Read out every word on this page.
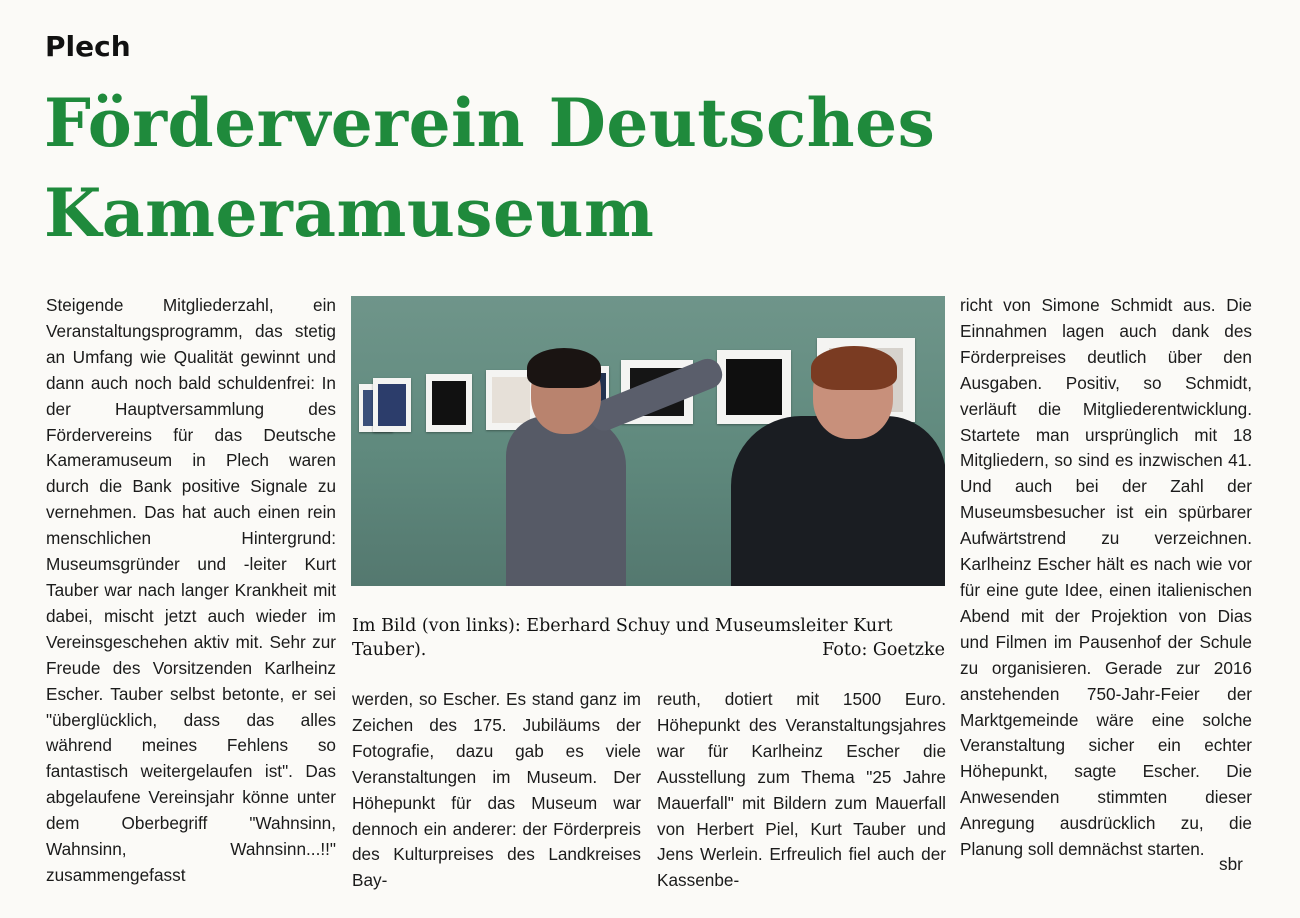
Plech
Förderverein Deutsches
Kameramuseum

Steigende Mitgliederzahl, ein Veranstaltungsprogramm, das stetig an Umfang wie Qualität gewinnt und dann auch noch bald schuldenfrei: In der Hauptversammlung des Fördervereins für das Deutsche Kameramuseum in Plech waren durch die Bank positive Signale zu vernehmen. Das hat auch einen rein menschlichen Hintergrund: Museumsgründer und -leiter Kurt Tauber war nach langer Krankheit mit dabei, mischt jetzt auch wieder im Vereinsgeschehen aktiv mit. Sehr zur Freude des Vorsitzenden Karlheinz Escher. Tauber selbst betonte, er sei "überglücklich, dass das alles während meines Fehlens so fantastisch weitergelaufen ist". Das abgelaufene Vereinsjahr könne unter dem Oberbegriff "Wahnsinn, Wahnsinn, Wahnsinn...!!" zusammengefasst

Im Bild (von links): Eberhard Schuy und Museumsleiter Kurt Tauber).	Foto: Goetzke

werden, so Escher. Es stand ganz im Zeichen des 175. Jubiläums der Fotografie, dazu gab es viele Veranstaltungen im Museum. Der Höhepunkt für das Museum war dennoch ein anderer: der Förderpreis des Kulturpreises des Landkreises Bay-

reuth, dotiert mit 1500 Euro. Höhepunkt des Veranstaltungsjahres war für Karlheinz Escher die Ausstellung zum Thema "25 Jahre Mauerfall" mit Bildern zum Mauerfall von Herbert Piel, Kurt Tauber und Jens Werlein. Erfreulich fiel auch der Kassenbe-

richt von Simone Schmidt aus. Die Einnahmen lagen auch dank des Förderpreises deutlich über den Ausgaben. Positiv, so Schmidt, verläuft die Mitgliederentwicklung. Startete man ursprünglich mit 18 Mitgliedern, so sind es inzwischen 41. Und auch bei der Zahl der Museumsbesucher ist ein spürbarer Aufwärtstrend zu verzeichnen. Karlheinz Escher hält es nach wie vor für eine gute Idee, einen italienischen Abend mit der Projektion von Dias und Filmen im Pausenhof der Schule zu organisieren. Gerade zur 2016 anstehenden 750-Jahr-Feier der Marktgemeinde wäre eine solche Veranstaltung sicher ein echter Höhepunkt, sagte Escher. Die Anwesenden stimmten dieser Anregung ausdrücklich zu, die Planung soll demnächst starten.

sbr
